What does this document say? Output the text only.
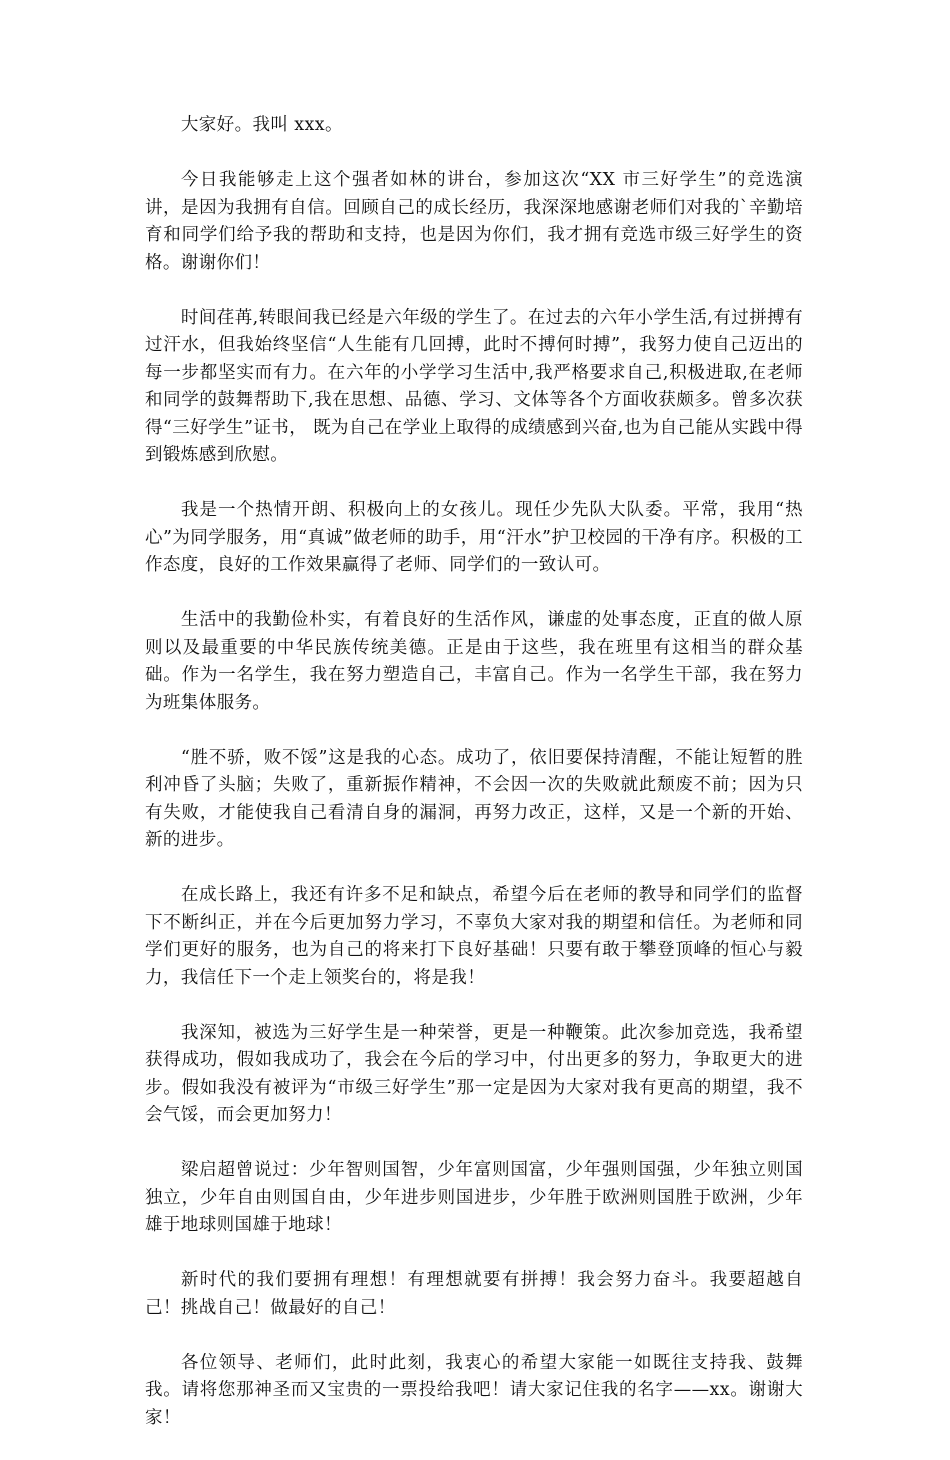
大家好。我叫 xxx。

今日我能够走上这个强者如林的讲台，参加这次“XX 市三好学生”的竞选演讲，是因为我拥有自信。回顾自己的成长经历，我深深地感谢老师们对我的`辛勤培育和同学们给予我的帮助和支持，也是因为你们，我才拥有竞选市级三好学生的资格。谢谢你们！

时间荏苒,转眼间我已经是六年级的学生了。在过去的六年小学生活,有过拼搏有过汗水，但我始终坚信“人生能有几回搏，此时不搏何时搏”，我努力使自己迈出的每一步都坚实而有力。在六年的小学学习生活中,我严格要求自己,积极进取,在老师和同学的鼓舞帮助下,我在思想、品德、学习、文体等各个方面收获颇多。曾多次获得“三好学生”证书， 既为自己在学业上取得的成绩感到兴奋,也为自己能从实践中得到锻炼感到欣慰。

我是一个热情开朗、积极向上的女孩儿。现任少先队大队委。平常，我用“热心”为同学服务，用“真诚”做老师的助手，用“汗水”护卫校园的干净有序。积极的工作态度，良好的工作效果赢得了老师、同学们的一致认可。

生活中的我勤俭朴实，有着良好的生活作风，谦虚的处事态度，正直的做人原则以及最重要的中华民族传统美德。正是由于这些，我在班里有这相当的群众基础。作为一名学生，我在努力塑造自己，丰富自己。作为一名学生干部，我在努力为班集体服务。

“胜不骄，败不馁”这是我的心态。成功了，依旧要保持清醒，不能让短暂的胜利冲昏了头脑；失败了，重新振作精神，不会因一次的失败就此颓废不前；因为只有失败，才能使我自己看清自身的漏洞，再努力改正，这样，又是一个新的开始、新的进步。

在成长路上，我还有许多不足和缺点，希望今后在老师的教导和同学们的监督下不断纠正，并在今后更加努力学习，不辜负大家对我的期望和信任。为老师和同学们更好的服务，也为自己的将来打下良好基础！只要有敢于攀登顶峰的恒心与毅力，我信任下一个走上领奖台的，将是我！

我深知，被选为三好学生是一种荣誉，更是一种鞭策。此次参加竞选，我希望获得成功，假如我成功了，我会在今后的学习中，付出更多的努力，争取更大的进步。假如我没有被评为“市级三好学生”那一定是因为大家对我有更高的期望，我不会气馁，而会更加努力！

梁启超曾说过：少年智则国智，少年富则国富，少年强则国强，少年独立则国独立，少年自由则国自由，少年进步则国进步，少年胜于欧洲则国胜于欧洲，少年雄于地球则国雄于地球！

新时代的我们要拥有理想！有理想就要有拼搏！我会努力奋斗。我要超越自己！挑战自己！做最好的自己！

各位领导、老师们，此时此刻，我衷心的希望大家能一如既往支持我、鼓舞我。请将您那神圣而又宝贵的一票投给我吧！请大家记住我的名字——xx。谢谢大家！
